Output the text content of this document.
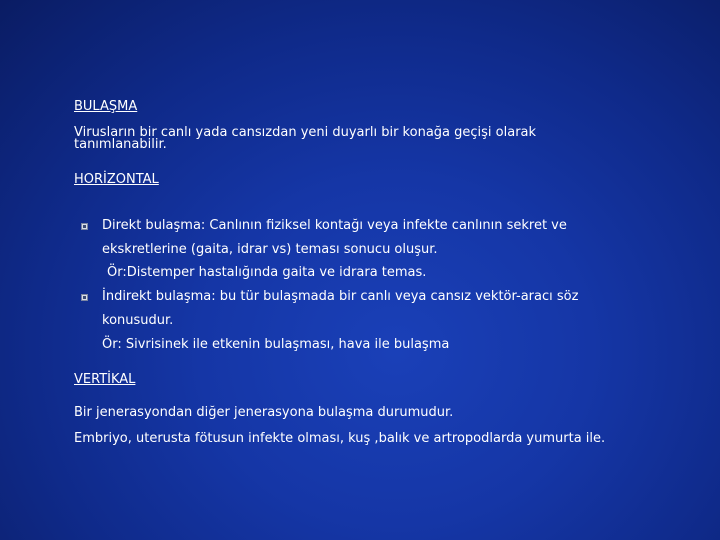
BULAŞMA
Virusların bir canlı yada cansızdan yeni duyarlı bir konağa geçişi olarak
tanımlanabilir.
HORİZONTAL
Direkt bulaşma: Canlının fiziksel kontağı veya infekte canlının sekret ve
ekskretlerine (gaita, idrar vs) teması sonucu oluşur.
Ör:Distemper hastalığında gaita ve idrara temas.
İndirekt bulaşma: bu tür bulaşmada bir canlı veya cansız vektör-aracı söz
konusudur.
Ör: Sivrisinek ile etkenin bulaşması, hava ile bulaşma
VERTİKAL
Bir jenerasyondan diğer jenerasyona bulaşma durumudur.
Embriyo, uterusta fötusun infekte olması, kuş ,balık ve artropodlarda yumurta ile.
